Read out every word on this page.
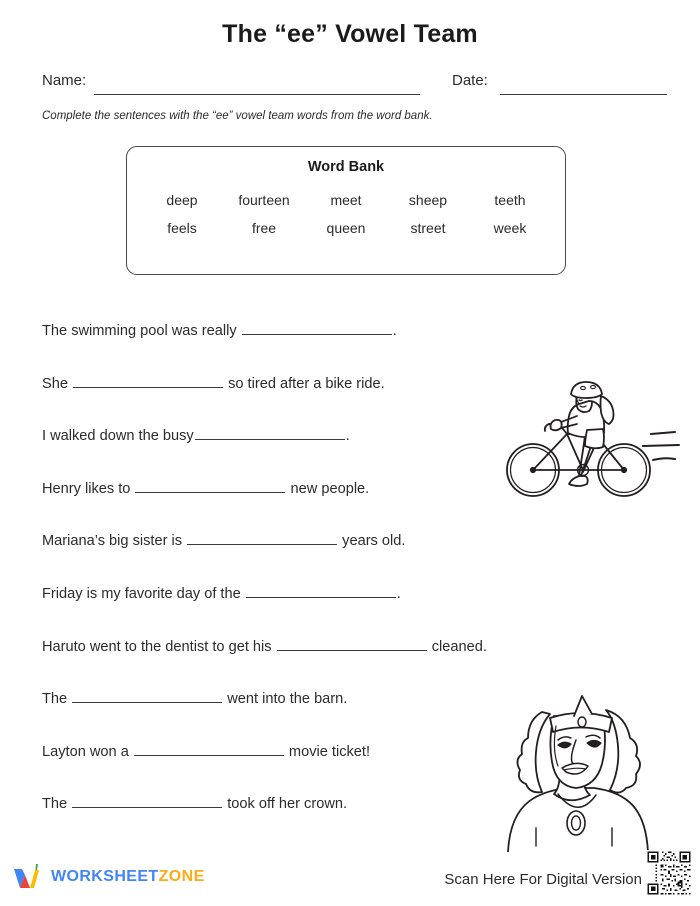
The “ee” Vowel Team
Name:	Date:
Complete the sentences with the “ee” vowel team words from the word bank.
Word Bank
deep	fourteen	meet	sheep	teeth
feels	free	queen	street	week
The swimming pool was really	.
She	so tired after a bike ride.
I walked down the busy	.
Henry likes to	new people.
Mariana’s big sister is	years old.
Friday is my favorite day of the	.
Haruto went to the dentist to get his	cleaned.
The	went into the barn.
Layton won a	movie ticket!
The	took off her crown.
WORKSHEETZONE	Scan Here For Digital Version
